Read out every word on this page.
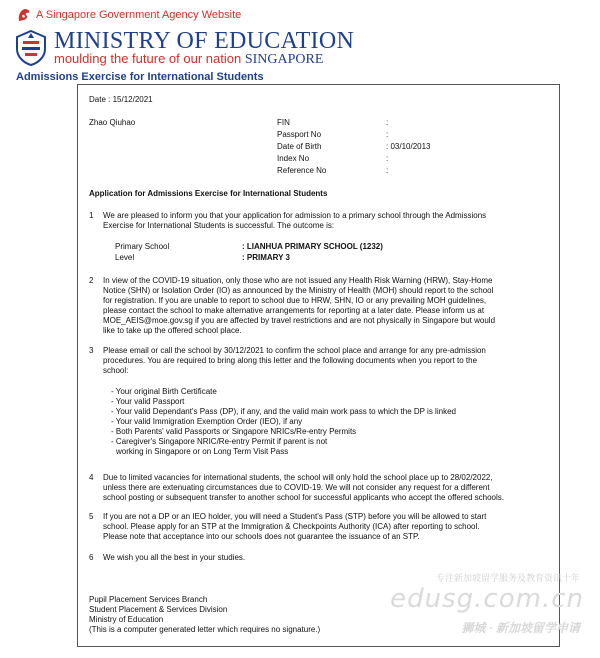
A Singapore Government Agency Website
MINISTRY OF EDUCATION
moulding the future of our nation SINGAPORE
Admissions Exercise for International Students
Date : 15/12/2021
Zhao Qiuhao	FIN	:
Passport No	:
Date of Birth	: 03/10/2013
Index No	:
Reference No	:
Application for Admissions Exercise for International Students
1 We are pleased to inform you that your application for admission to a primary school through the Admissions
Exercise for International Students is successful. The outcome is:
Primary School	: LIANHUA PRIMARY SCHOOL (1232)
Level	: PRIMARY 3
2 In view of the COVID-19 situation, only those who are not issued any Health Risk Warning (HRW), Stay-Home
Notice (SHN) or Isolation Order (IO) as announced by the Ministry of Health (MOH) should report to the school
for registration. If you are unable to report to school due to HRW, SHN, IO or any prevailing MOH guidelines,
please contact the school to make alternative arrangements for reporting at a later date. Please inform us at
MOE_AEIS@moe.gov.sg if you are affected by travel restrictions and are not physically in Singapore but would
like to take up the offered school place.
3 Please email or call the school by 30/12/2021 to confirm the school place and arrange for any pre-admission
procedures. You are required to bring along this letter and the following documents when you report to the
school:
- Your original Birth Certificate
- Your valid Passport
- Your valid Dependant's Pass (DP), if any, and the valid main work pass to which the DP is linked
- Your valid Immigration Exemption Order (IEO), if any
- Both Parents' valid Passports or Singapore NRICs/Re-entry Permits
- Caregiver's Singapore NRIC/Re-entry Permit if parent is not
working in Singapore or on Long Term Visit Pass
4 Due to limited vacancies for international students, the school will only hold the school place up to 28/02/2022,
unless there are extenuating circumstances due to COVID-19. We will not consider any request for a different
school posting or subsequent transfer to another school for successful applicants who accept the offered schools.
5 If you are not a DP or an IEO holder, you will need a Student's Pass (STP) before you will be allowed to start
school. Please apply for an STP at the Immigration & Checkpoints Authority (ICA) after reporting to school.
Please note that acceptance into our schools does not guarantee the issuance of an STP.
6 We wish you all the best in your studies.
Pupil Placement Services Branch
Student Placement & Services Division
Ministry of Education
(This is a computer generated letter which requires no signature.)
专注新加坡留学服务及教育资讯十年
edusg.com.cn
狮城 · 新加坡留学申请
